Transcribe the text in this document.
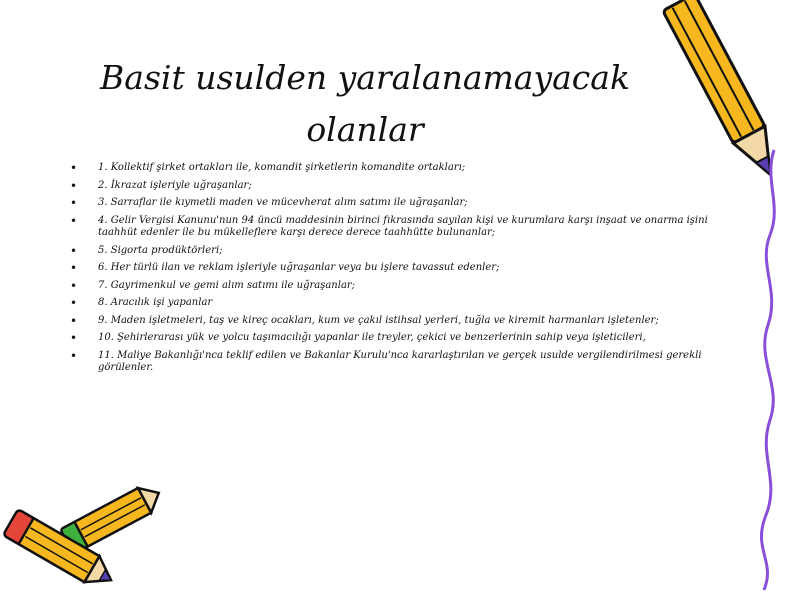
Basit usulden yaralanamayacak
olanlar
• 1. Kollektif şirket ortakları ile, komandit şirketlerin komandite ortakları;
• 2. İkrazat işleriyle uğraşanlar;
• 3. Sarraflar ile kıymetli maden ve mücevherat alım satımı ile uğraşanlar;
• 4. Gelir Vergisi Kanunu'nun 94 üncü maddesinin birinci fıkrasında sayılan kişi ve kurumlara karşı inşaat ve onarma işini taahhüt edenler ile bu mükelleflere karşı derece derece taahhütte bulunanlar;
• 5. Sigorta prodüktörleri;
• 6. Her türlü ilan ve reklam işleriyle uğraşanlar veya bu işlere tavassut edenler;
• 7. Gayrimenkul ve gemi alım satımı ile uğraşanlar;
• 8. Aracılık işi yapanlar
• 9. Maden işletmeleri, taş ve kireç ocakları, kum ve çakıl istihsal yerleri, tuğla ve kiremit harmanları işletenler;
• 10. Şehirlerarası yük ve yolcu taşımacılığı yapanlar ile treyler, çekici ve benzerlerinin sahip veya işleticileri,
• 11. Maliye Bakanlığı'nca teklif edilen ve Bakanlar Kurulu'nca kararlaştırılan ve gerçek usulde vergilendirilmesi gerekli görülenler.
